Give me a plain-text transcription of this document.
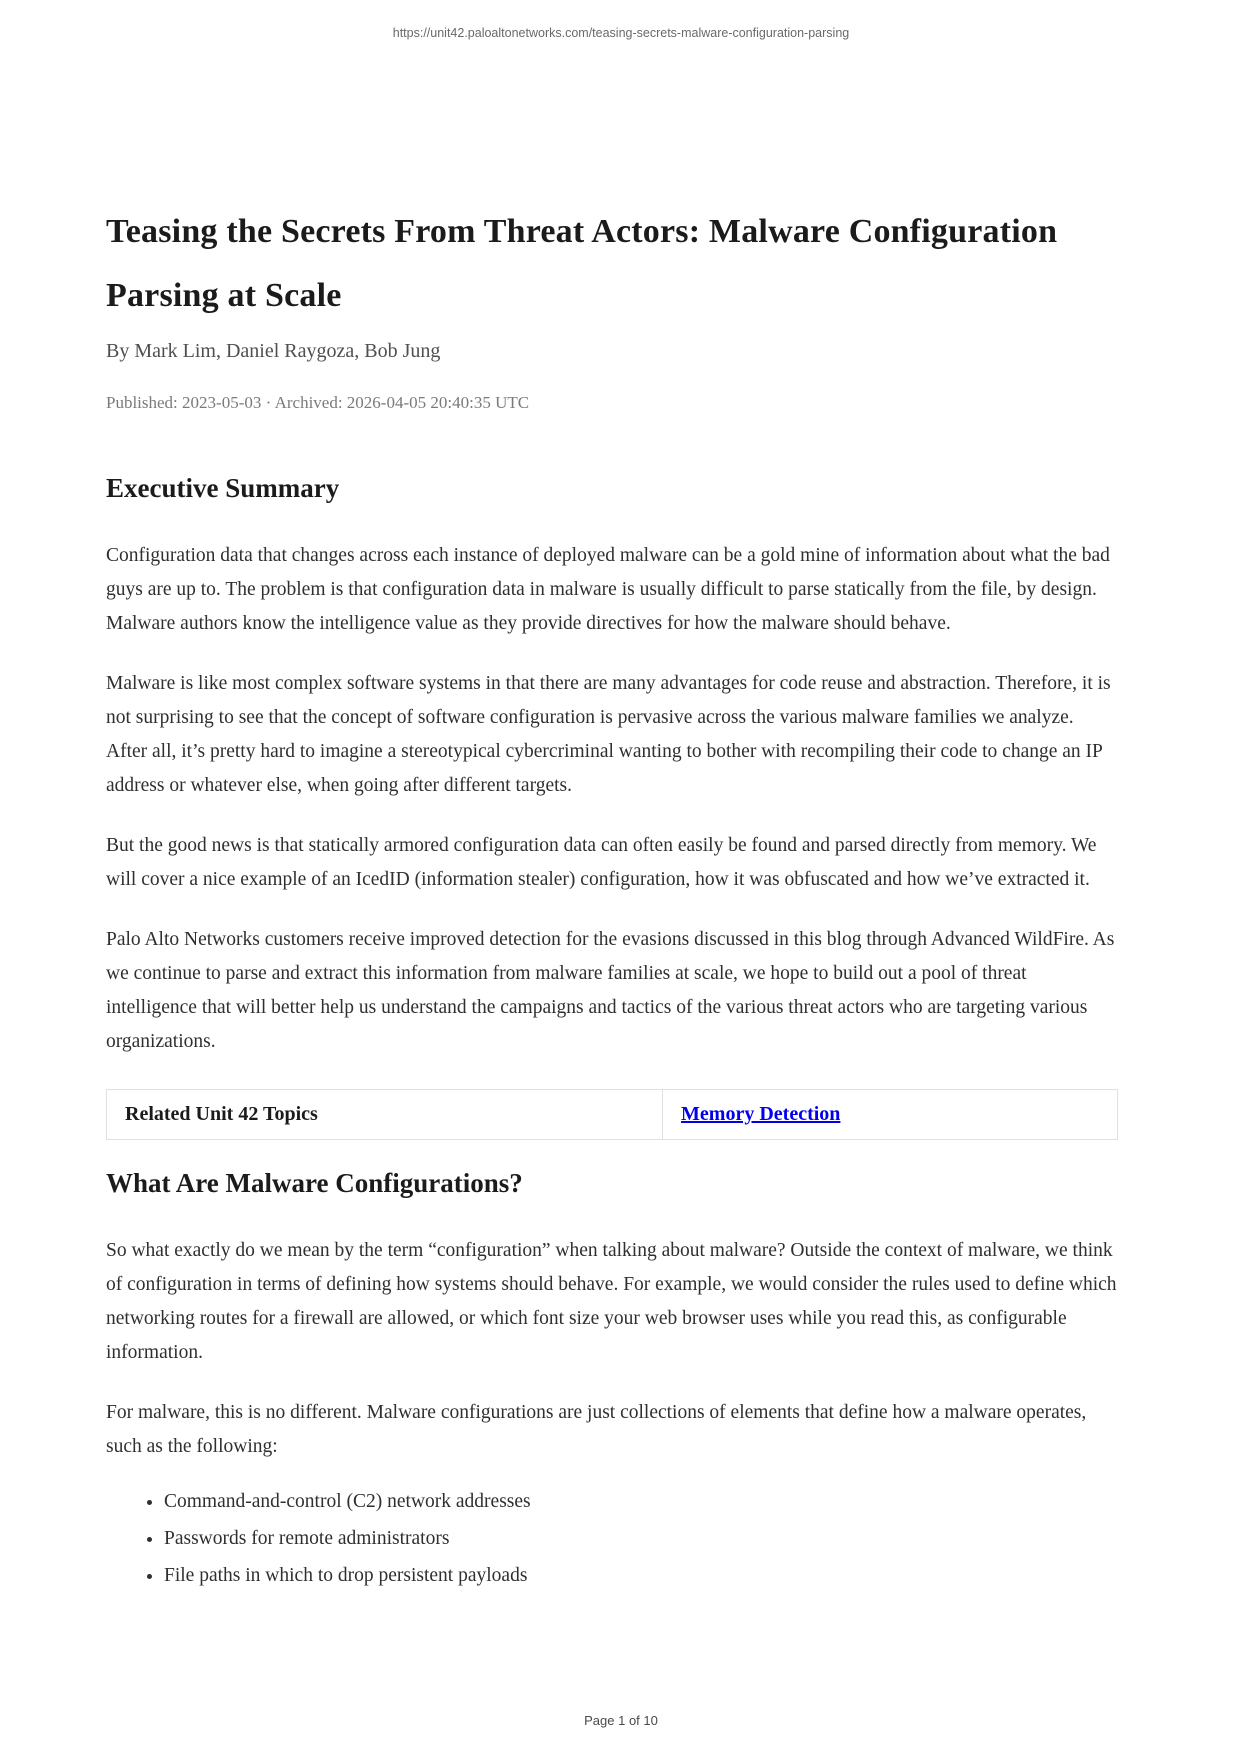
https://unit42.paloaltonetworks.com/teasing-secrets-malware-configuration-parsing
Teasing the Secrets From Threat Actors: Malware Configuration Parsing at Scale
By Mark Lim, Daniel Raygoza, Bob Jung
Published: 2023-05-03 · Archived: 2026-04-05 20:40:35 UTC
Executive Summary

Configuration data that changes across each instance of deployed malware can be a gold mine of information about what the bad guys are up to. The problem is that configuration data in malware is usually difficult to parse statically from the file, by design. Malware authors know the intelligence value as they provide directives for how the malware should behave.

Malware is like most complex software systems in that there are many advantages for code reuse and abstraction. Therefore, it is not surprising to see that the concept of software configuration is pervasive across the various malware families we analyze. After all, it’s pretty hard to imagine a stereotypical cybercriminal wanting to bother with recompiling their code to change an IP address or whatever else, when going after different targets.

But the good news is that statically armored configuration data can often easily be found and parsed directly from memory. We will cover a nice example of an IcedID (information stealer) configuration, how it was obfuscated and how we’ve extracted it.

Palo Alto Networks customers receive improved detection for the evasions discussed in this blog through Advanced WildFire. As we continue to parse and extract this information from malware families at scale, we hope to build out a pool of threat intelligence that will better help us understand the campaigns and tactics of the various threat actors who are targeting various organizations.

Related Unit 42 Topics	Memory Detection
What Are Malware Configurations?

So what exactly do we mean by the term “configuration” when talking about malware? Outside the context of malware, we think of configuration in terms of defining how systems should behave. For example, we would consider the rules used to define which networking routes for a firewall are allowed, or which font size your web browser uses while you read this, as configurable information.

For malware, this is no different. Malware configurations are just collections of elements that define how a malware operates, such as the following:

• Command-and-control (C2) network addresses
• Passwords for remote administrators
• File paths in which to drop persistent payloads
Page 1 of 10
